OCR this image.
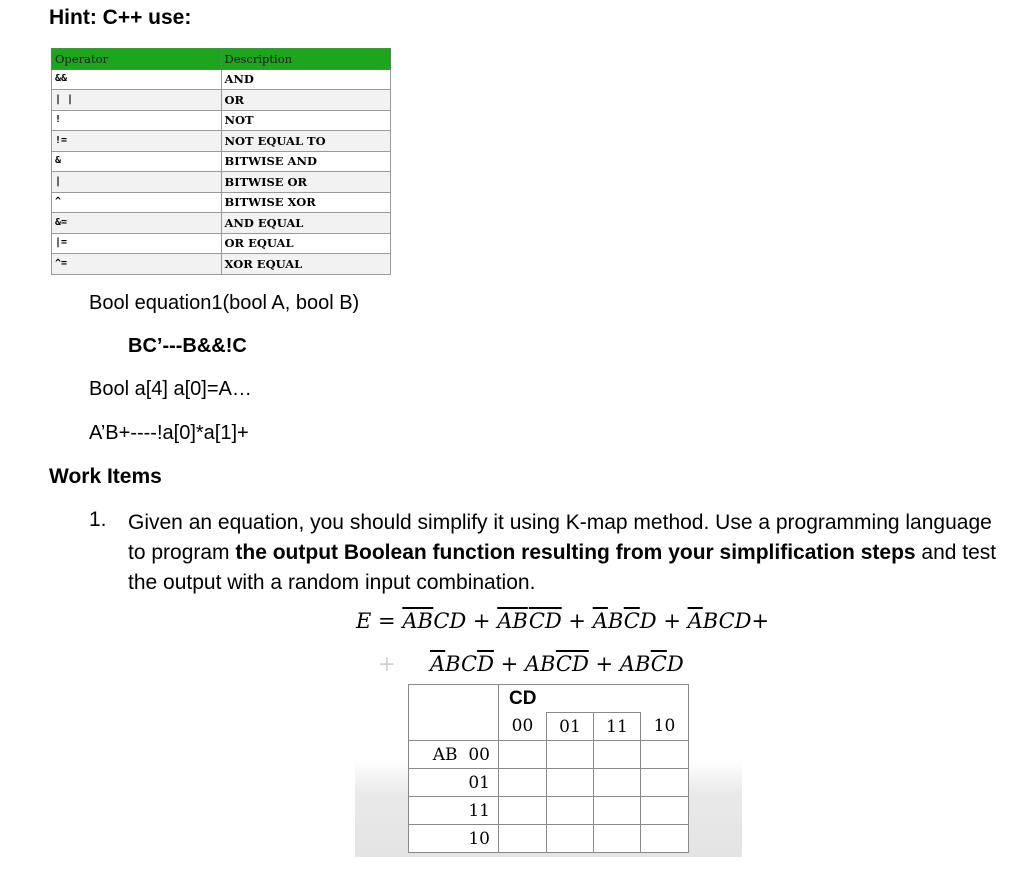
Hint: C++ use:
Operator	Description
&&	AND
| |	OR
!	NOT
!=	NOT EQUAL TO
&	BITWISE AND
|	BITWISE OR
^	BITWISE XOR
&=	AND EQUAL
|=	OR EQUAL
^=	XOR EQUAL
Bool equation1(bool A, bool B)
BC’---B&&!C
Bool a[4] a[0]=A…
A’B+----!a[0]*a[1]+
Work Items
1. Given an equation, you should simplify it using K-map method. Use a programming language to program the output Boolean function resulting from your simplification steps and test the output with a random input combination.
$E = \overline{AB}CD + \overline{AB}\overline{CD} + \overline{A}B\overline{C}D + \overline{A}BCD+$
+ $\overline{A}BC\overline{D} + AB\overline{CD} + AB\overline{C}D$
	CD			
	00	01	11	10
AB 00				
01				
11				
10				
